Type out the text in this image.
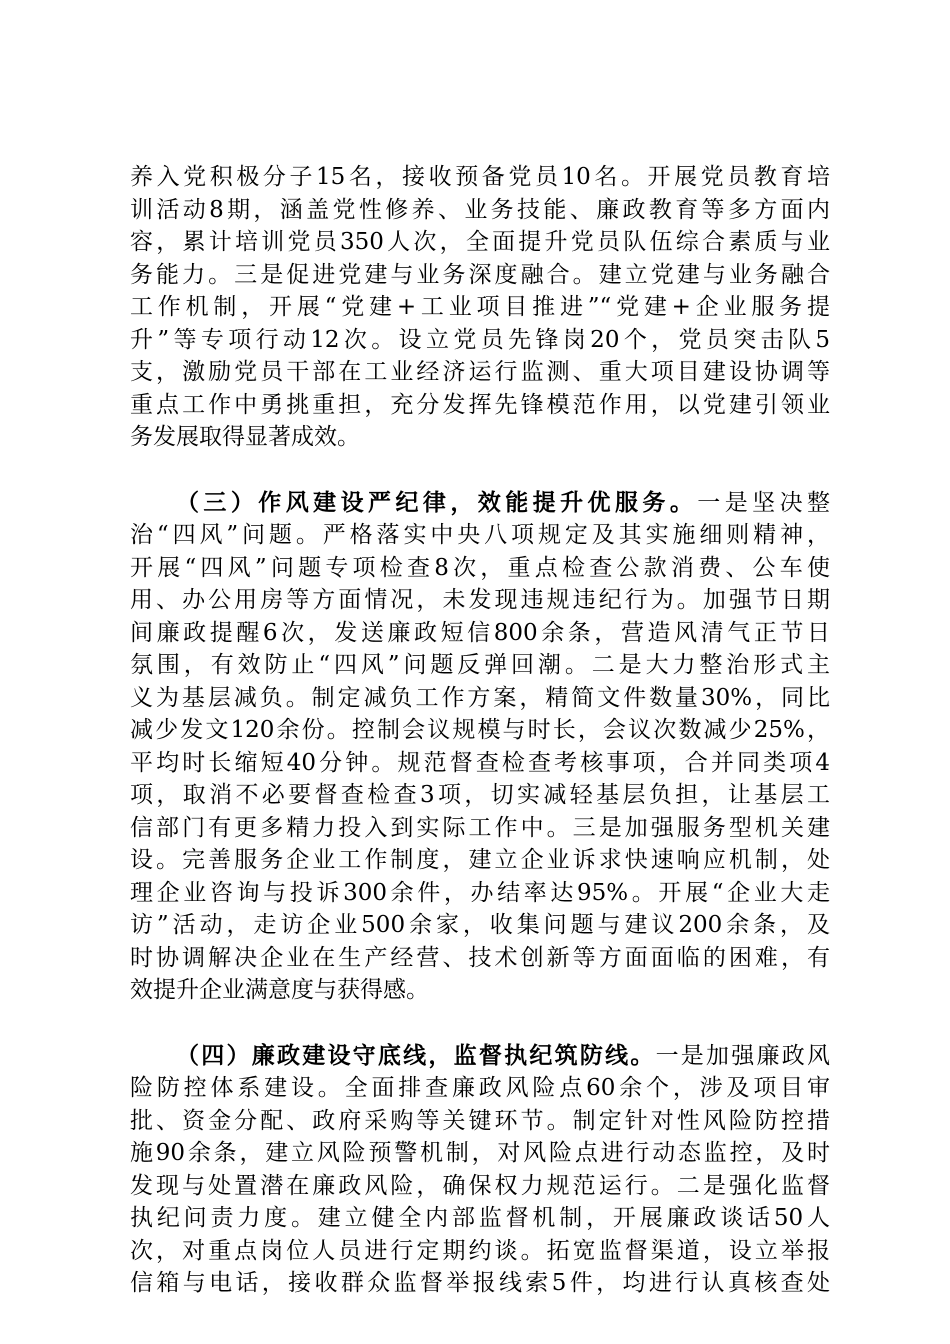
养入党积极分子15名，接收预备党员10名。开展党员教育培
训活动8期，涵盖党性修养、业务技能、廉政教育等多方面内
容，累计培训党员350人次，全面提升党员队伍综合素质与业
务能力。三是促进党建与业务深度融合。建立党建与业务融合
工作机制，开展“党建+工业项目推进”“党建+企业服务提
升”等专项行动12次。设立党员先锋岗20个，党员突击队5
支，激励党员干部在工业经济运行监测、重大项目建设协调等
重点工作中勇挑重担，充分发挥先锋模范作用，以党建引领业
务发展取得显著成效。
（三）作风建设严纪律，效能提升优服务。一是坚决整
治“四风”问题。严格落实中央八项规定及其实施细则精神，
开展“四风”问题专项检查8次，重点检查公款消费、公车使
用、办公用房等方面情况，未发现违规违纪行为。加强节日期
间廉政提醒6次，发送廉政短信800余条，营造风清气正节日
氛围，有效防止“四风”问题反弹回潮。二是大力整治形式主
义为基层减负。制定减负工作方案，精简文件数量30%，同比
减少发文120余份。控制会议规模与时长，会议次数减少25%，
平均时长缩短40分钟。规范督查检查考核事项，合并同类项4
项，取消不必要督查检查3项，切实减轻基层负担，让基层工
信部门有更多精力投入到实际工作中。三是加强服务型机关建
设。完善服务企业工作制度，建立企业诉求快速响应机制，处
理企业咨询与投诉300余件，办结率达95%。开展“企业大走
访”活动，走访企业500余家，收集问题与建议200余条，及
时协调解决企业在生产经营、技术创新等方面面临的困难，有
效提升企业满意度与获得感。
（四）廉政建设守底线，监督执纪筑防线。一是加强廉政风
险防控体系建设。全面排查廉政风险点60余个，涉及项目审
批、资金分配、政府采购等关键环节。制定针对性风险防控措
施90余条，建立风险预警机制，对风险点进行动态监控，及时
发现与处置潜在廉政风险，确保权力规范运行。二是强化监督
执纪问责力度。建立健全内部监督机制，开展廉政谈话50人
次，对重点岗位人员进行定期约谈。拓宽监督渠道，设立举报
信箱与电话，接收群众监督举报线索5件，均进行认真核查处
